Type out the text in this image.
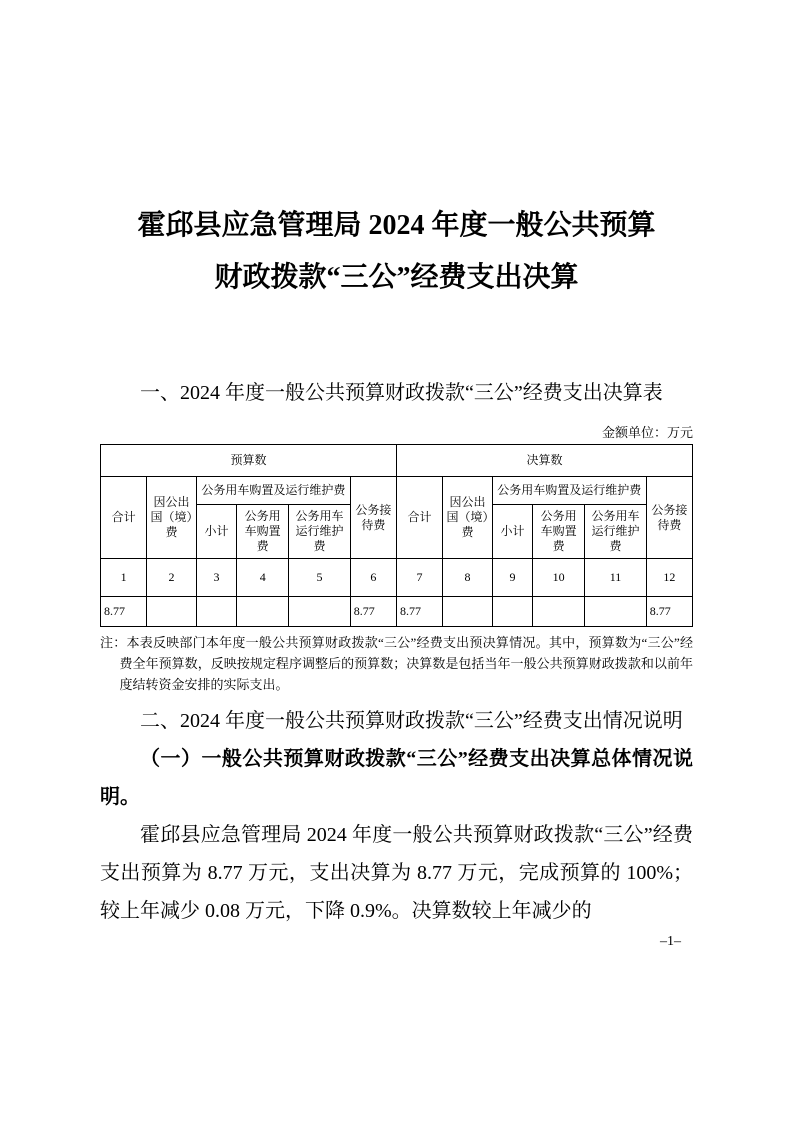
霍邱县应急管理局 2024 年度一般公共预算
财政拨款“三公”经费支出决算

一、2024 年度一般公共预算财政拨款“三公”经费支出决算表

金额单位：万元
预算数						决算数					
合计	因公出国（境）费	公务用车购置及运行维护费			公务接待费	合计	因公出国（境）费	公务用车购置及运行维护费			公务接待费
		小计	公务用车购置费	公务用车运行维护费				小计	公务用车购置费	公务用车运行维护费	
1	2	3	4	5	6	7	8	9	10	11	12
8.77					8.77	8.77					8.77

注：本表反映部门本年度一般公共预算财政拨款“三公”经费支出预决算情况。其中，预算数为“三公”经费全年预算数，反映按规定程序调整后的预算数；决算数是包括当年一般公共预算财政拨款和以前年度结转资金安排的实际支出。

二、2024 年度一般公共预算财政拨款“三公”经费支出情况说明

（一）一般公共预算财政拨款“三公”经费支出决算总体情况说明。

霍邱县应急管理局 2024 年度一般公共预算财政拨款“三公”经费支出预算为 8.77 万元，支出决算为 8.77 万元，完成预算的 100%；较上年减少 0.08 万元，下降 0.9%。决算数较上年减少的

–1–
